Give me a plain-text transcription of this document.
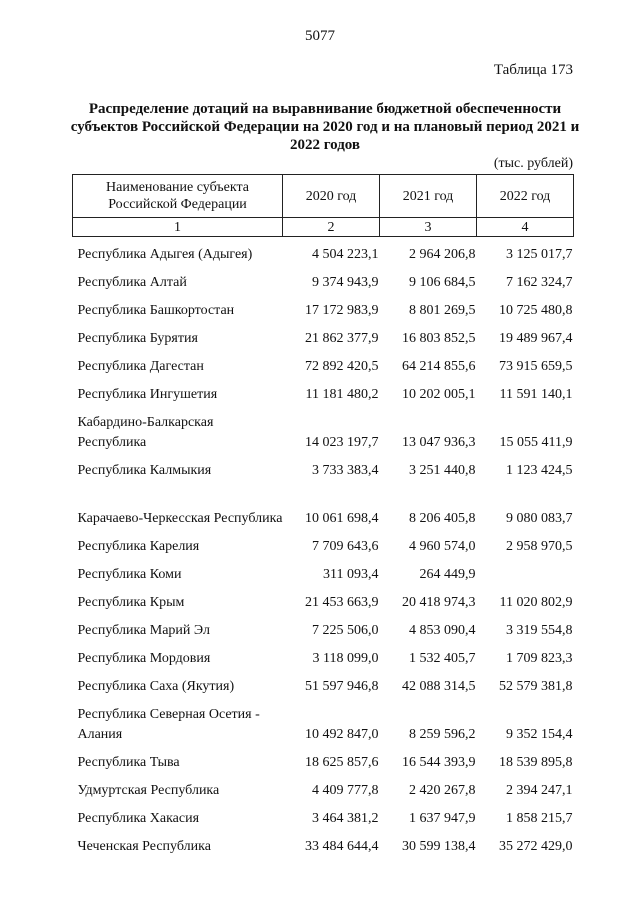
5077
Таблица 173
Распределение дотаций на выравнивание бюджетной обеспеченности субъектов Российской Федерации на 2020 год и на плановый период 2021 и 2022 годов
(тыс. рублей)
Наименование субъекта Российской Федерации	2020 год	2021 год	2022 год
1	2	3	4
Республика Адыгея (Адыгея)	4 504 223,1	2 964 206,8	3 125 017,7
Республика Алтай	9 374 943,9	9 106 684,5	7 162 324,7
Республика Башкортостан	17 172 983,9	8 801 269,5	10 725 480,8
Республика Бурятия	21 862 377,9	16 803 852,5	19 489 967,4
Республика Дагестан	72 892 420,5	64 214 855,6	73 915 659,5
Республика Ингушетия	11 181 480,2	10 202 005,1	11 591 140,1
Кабардино-Балкарская Республика	14 023 197,7	13 047 936,3	15 055 411,9
Республика Калмыкия	3 733 383,4	3 251 440,8	1 123 424,5
Карачаево-Черкесская Республика	10 061 698,4	8 206 405,8	9 080 083,7
Республика Карелия	7 709 643,6	4 960 574,0	2 958 970,5
Республика Коми	311 093,4	264 449,9	
Республика Крым	21 453 663,9	20 418 974,3	11 020 802,9
Республика Марий Эл	7 225 506,0	4 853 090,4	3 319 554,8
Республика Мордовия	3 118 099,0	1 532 405,7	1 709 823,3
Республика Саха (Якутия)	51 597 946,8	42 088 314,5	52 579 381,8
Республика Северная Осетия - Алания	10 492 847,0	8 259 596,2	9 352 154,4
Республика Тыва	18 625 857,6	16 544 393,9	18 539 895,8
Удмуртская Республика	4 409 777,8	2 420 267,8	2 394 247,1
Республика Хакасия	3 464 381,2	1 637 947,9	1 858 215,7
Чеченская Республика	33 484 644,4	30 599 138,4	35 272 429,0
